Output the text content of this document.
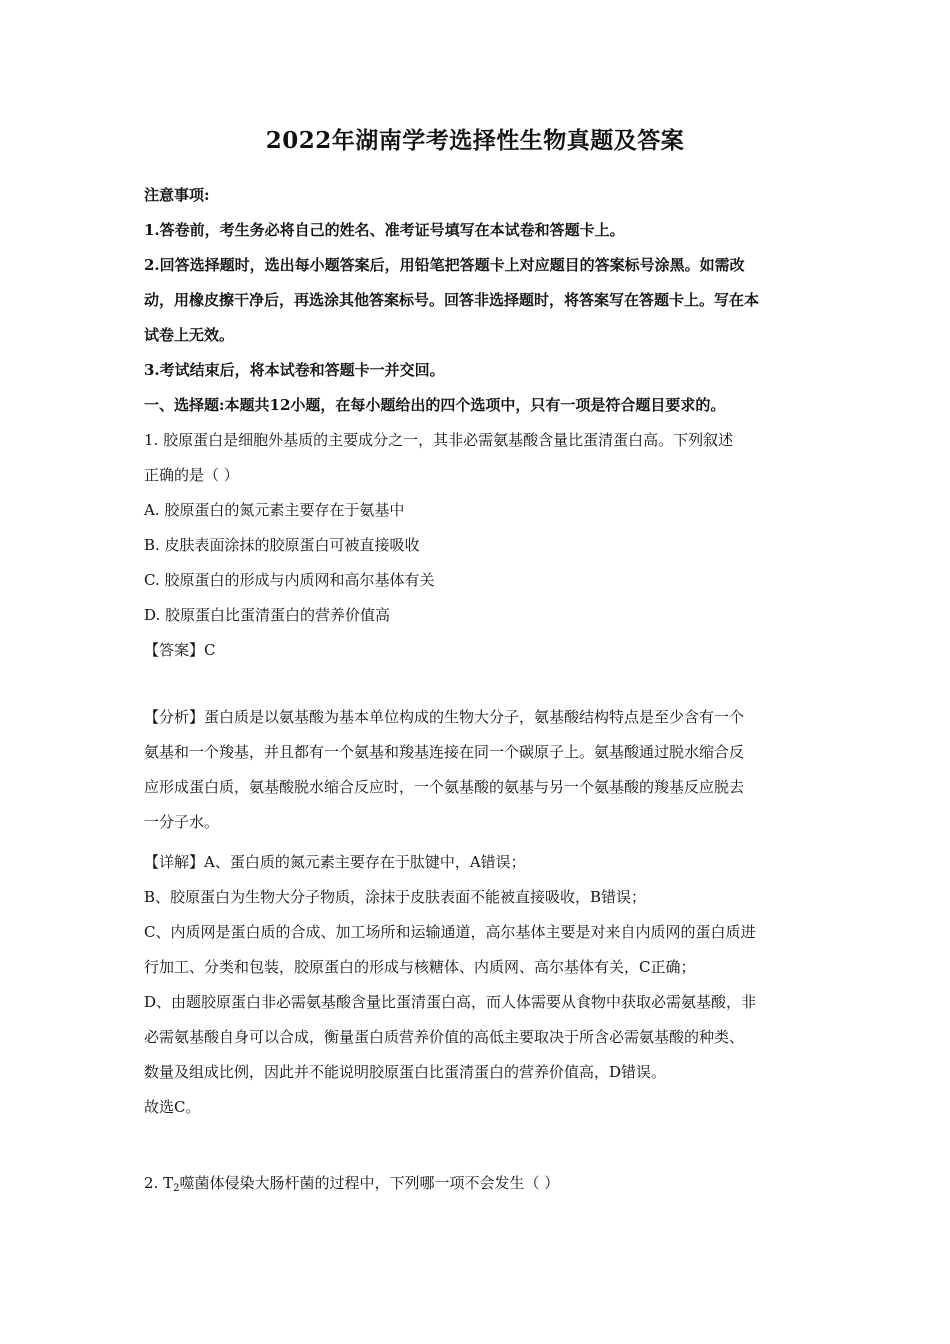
2022年湖南学考选择性生物真题及答案
注意事项:
1.答卷前，考生务必将自己的姓名、准考证号填写在本试卷和答题卡上。
2.回答选择题时，选出每小题答案后，用铅笔把答题卡上对应题目的答案标号涂黑。如需改
动，用橡皮擦干净后，再选涂其他答案标号。回答非选择题时，将答案写在答题卡上。写在本
试卷上无效。
3.考试结束后，将本试卷和答题卡一并交回。
一、选择题:本题共12小题，在每小题给出的四个选项中，只有一项是符合题目要求的。
1. 胶原蛋白是细胞外基质的主要成分之一，其非必需氨基酸含量比蛋清蛋白高。下列叙述
正确的是（ ）
A. 胶原蛋白的氮元素主要存在于氨基中
B. 皮肤表面涂抹的胶原蛋白可被直接吸收
C. 胶原蛋白的形成与内质网和高尔基体有关
D. 胶原蛋白比蛋清蛋白的营养价值高
【答案】C
【分析】蛋白质是以氨基酸为基本单位构成的生物大分子，氨基酸结构特点是至少含有一个
氨基和一个羧基，并且都有一个氨基和羧基连接在同一个碳原子上。氨基酸通过脱水缩合反
应形成蛋白质，氨基酸脱水缩合反应时，一个氨基酸的氨基与另一个氨基酸的羧基反应脱去
一分子水。
【详解】A、蛋白质的氮元素主要存在于肽键中，A错误；
B、胶原蛋白为生物大分子物质，涂抹于皮肤表面不能被直接吸收，B错误；
C、内质网是蛋白质的合成、加工场所和运输通道，高尔基体主要是对来自内质网的蛋白质进
行加工、分类和包装，胶原蛋白的形成与核糖体、内质网、高尔基体有关，C正确；
D、由题胶原蛋白非必需氨基酸含量比蛋清蛋白高，而人体需要从食物中获取必需氨基酸，非
必需氨基酸自身可以合成，衡量蛋白质营养价值的高低主要取决于所含必需氨基酸的种类、
数量及组成比例，因此并不能说明胶原蛋白比蛋清蛋白的营养价值高，D错误。
故选C。
2. $T_2$噬菌体侵染大肠杆菌的过程中，下列哪一项不会发生（ ）
